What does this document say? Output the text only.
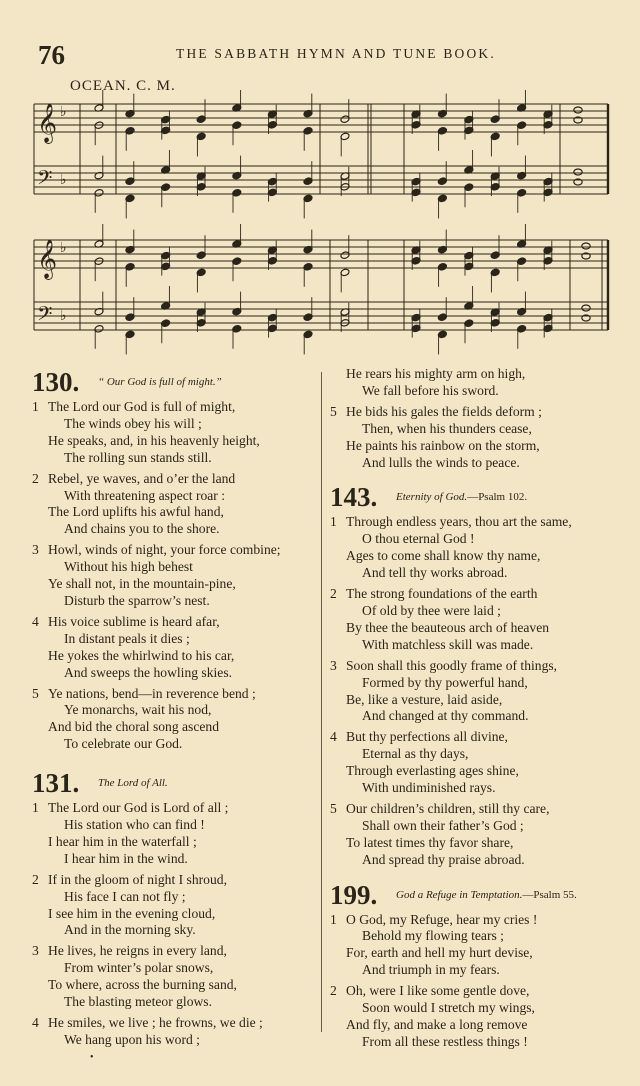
76	THE SABBATH HYMN AND TUNE BOOK.
OCEAN. C. M.
𝄞 ♭
𝄢 ♭
𝄞 ♭
𝄢 ♭
130. “ Our God is full of might.”
1 The Lord our God is full of might,
The winds obey his will ;
He speaks, and, in his heavenly height,
The rolling sun stands still.
2 Rebel, ye waves, and o’er the land
With threatening aspect roar :
The Lord uplifts his awful hand,
And chains you to the shore.
3 Howl, winds of night, your force combine;
Without his high behest
Ye shall not, in the mountain-pine,
Disturb the sparrow’s nest.
4 His voice sublime is heard afar,
In distant peals it dies ;
He yokes the whirlwind to his car,
And sweeps the howling skies.
5 Ye nations, bend—in reverence bend ;
Ye monarchs, wait his nod,
And bid the choral song ascend
To celebrate our God.
131. The Lord of All.
1 The Lord our God is Lord of all ;
His station who can find !
I hear him in the waterfall ;
I hear him in the wind.
2 If in the gloom of night I shroud,
His face I can not fly ;
I see him in the evening cloud,
And in the morning sky.
3 He lives, he reigns in every land,
From winter’s polar snows,
To where, across the burning sand,
The blasting meteor glows.
4 He smiles, we live ; he frowns, we die ;
We hang upon his word ;
He rears his mighty arm on high,
We fall before his sword.
5 He bids his gales the fields deform ;
Then, when his thunders cease,
He paints his rainbow on the storm,
And lulls the winds to peace.
143. Eternity of God.—Psalm 102.
1 Through endless years, thou art the same,
O thou eternal God !
Ages to come shall know thy name,
And tell thy works abroad.
2 The strong foundations of the earth
Of old by thee were laid ;
By thee the beauteous arch of heaven
With matchless skill was made.
3 Soon shall this goodly frame of things,
Formed by thy powerful hand,
Be, like a vesture, laid aside,
And changed at thy command.
4 But thy perfections all divine,
Eternal as thy days,
Through everlasting ages shine,
With undiminished rays.
5 Our children’s children, still thy care,
Shall own their father’s God ;
To latest times thy favor share,
And spread thy praise abroad.
199. God a Refuge in Temptation.—Psalm 55.
1 O God, my Refuge, hear my cries !
Behold my flowing tears ;
For, earth and hell my hurt devise,
And triumph in my fears.
2 Oh, were I like some gentle dove,
Soon would I stretch my wings,
And fly, and make a long remove
From all these restless things !
•
